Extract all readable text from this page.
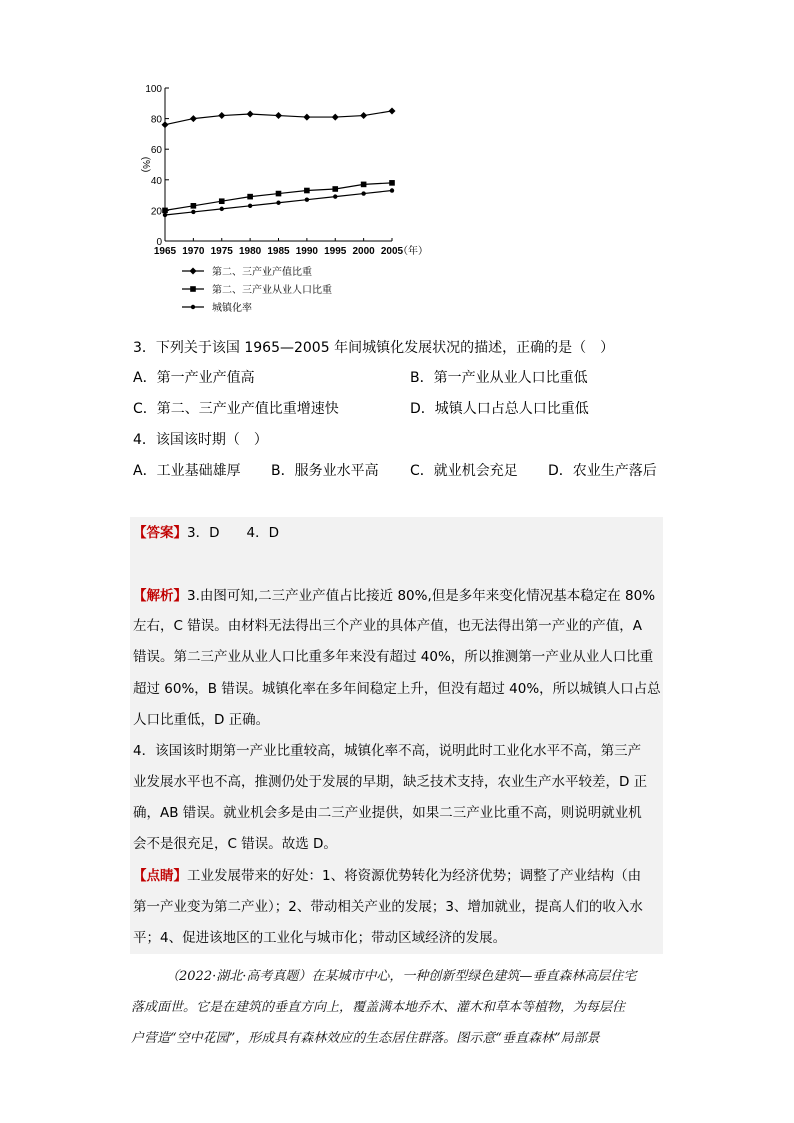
0
20
40
60
80
100
1965 1970 1975 1980 1985 1990 1995 2000 2005
（年）
(%)
第二、三产业产值比重
第二、三产业从业人口比重
城镇化率
3．下列关于该国 1965—2005 年间城镇化发展状况的描述，正确的是（　）
A．第一产业产值高	B．第一产业从业人口比重低
C．第二、三产业产值比重增速快	D．城镇人口占总人口比重低
4．该国该时期（　）
A．工业基础雄厚 B．服务业水平高 C．就业机会充足 D．农业生产落后
【答案】3．D　　4．D
【解析】3.由图可知,二三产业产值占比接近 80%,但是多年来变化情况基本稳定在 80%
左右，C 错误。由材料无法得出三个产业的具体产值，也无法得出第一产业的产值，A
错误。第二三产业从业人口比重多年来没有超过 40%，所以推测第一产业从业人口比重
超过 60%，B 错误。城镇化率在多年间稳定上升，但没有超过 40%，所以城镇人口占总
人口比重低，D 正确。
4．该国该时期第一产业比重较高，城镇化率不高，说明此时工业化水平不高，第三产
业发展水平也不高，推测仍处于发展的早期，缺乏技术支持，农业生产水平较差，D 正
确，AB 错误。就业机会多是由二三产业提供，如果二三产业比重不高，则说明就业机
会不是很充足，C 错误。故选 D。
【点睛】工业发展带来的好处：1、将资源优势转化为经济优势；调整了产业结构（由
第一产业变为第二产业）；2、带动相关产业的发展；3、增加就业，提高人们的收入水
平；4、促进该地区的工业化与城市化；带动区域经济的发展。
（2022·湖北·高考真题）在某城市中心，一种创新型绿色建筑—垂直森林高层住宅
落成面世。它是在建筑的垂直方向上，覆盖满本地乔木、灌木和草本等植物，为每层住
户营造“空中花园”，形成具有森林效应的生态居住群落。图示意“垂直森林”局部景
